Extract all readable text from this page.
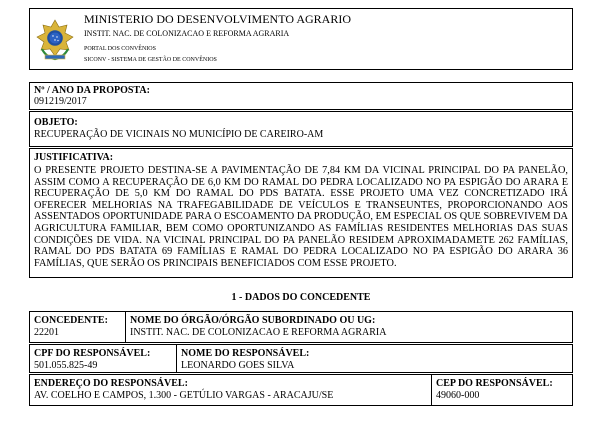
MINISTERIO DO DESENVOLVIMENTO AGRARIO
INSTIT. NAC. DE COLONIZACAO E REFORMA AGRARIA
PORTAL DOS CONVÊNIOS
SICONV - SISTEMA DE GESTÃO DE CONVÊNIOS
Nº / ANO DA PROPOSTA:
091219/2017
OBJETO:
RECUPERAÇÃO DE VICINAIS NO MUNICÍPIO DE CAREIRO-AM
JUSTIFICATIVA:

O PRESENTE PROJETO DESTINA-SE A PAVIMENTAÇÃO DE 7,84 KM DA VICINAL PRINCIPAL DO PA PANELÃO, ASSIM COMO A RECUPERAÇÃO DE 6,0 KM DO RAMAL DO PEDRA LOCALIZADO NO PA ESPIGÃO DO ARARA E RECUPERAÇÃO DE 5,0 KM DO RAMAL DO PDS BATATA. ESSE PROJETO UMA VEZ CONCRETIZADO IRÁ OFERECER MELHORIAS NA TRAFEGABILIDADE DE VEÍCULOS E TRANSEUNTES, PROPORCIONANDO AOS ASSENTADOS OPORTUNIDADE PARA O ESCOAMENTO DA PRODUÇÃO, EM ESPECIAL OS QUE SOBREVIVEM DA AGRICULTURA FAMILIAR, BEM COMO OPORTUNIZANDO AS FAMÍLIAS RESIDENTES MELHORIAS DAS SUAS CONDIÇÕES DE VIDA. NA VICINAL PRINCIPAL DO PA PANELÃO RESIDEM APROXIMADAMETE 262 FAMÍLIAS, RAMAL DO PDS BATATA 69 FAMÍLIAS E RAMAL DO PEDRA LOCALIZADO NO PA ESPIGÃO DO ARARA 36 FAMÍLIAS, QUE SERÃO OS PRINCIPAIS BENEFICIADOS COM ESSE PROJETO.

1 - DADOS DO CONCEDENTE
CONCEDENTE:
22201
NOME DO ÓRGÃO/ÓRGÃO SUBORDINADO OU UG:
INSTIT. NAC. DE COLONIZACAO E REFORMA AGRARIA
CPF DO RESPONSÁVEL:
501.055.825-49
NOME DO RESPONSÁVEL:
LEONARDO GOES SILVA
ENDEREÇO DO RESPONSÁVEL:
AV. COELHO E CAMPOS, 1.300 - GETÚLIO VARGAS - ARACAJU/SE
CEP DO RESPONSÁVEL:
49060-000
